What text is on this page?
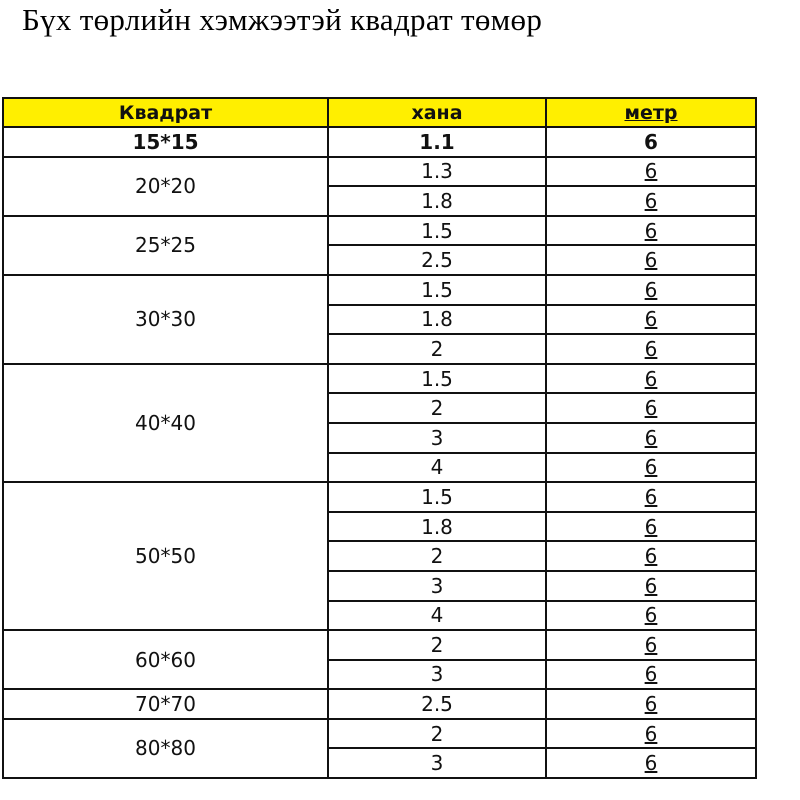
Бүх төрлийн хэмжээтэй квадрат төмөр
Квадрат	хана	метр
15*15	1.1	6
20*20	1.3	6
	1.8	6
25*25	1.5	6
	2.5	6
30*30	1.5	6
	1.8	6
	2	6
40*40	1.5	6
	2	6
	3	6
	4	6
50*50	1.5	6
	1.8	6
	2	6
	3	6
	4	6
60*60	2	6
	3	6
70*70	2.5	6
80*80	2	6
	3	6
